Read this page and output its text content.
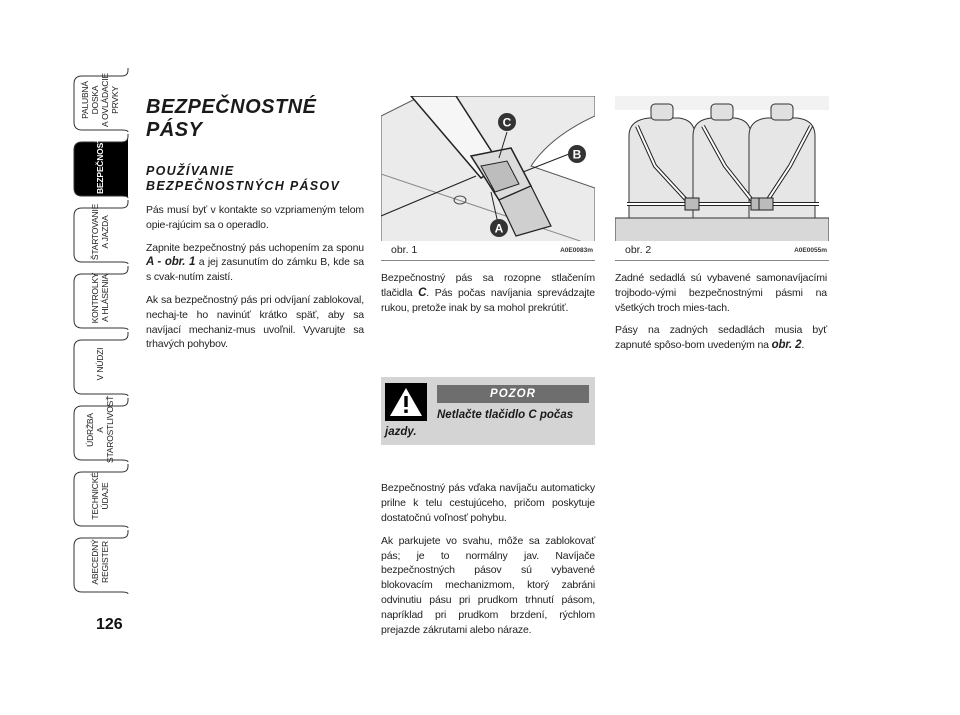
PALUBNÁ DOSKA A OVLÁDACIE PRVKY
BEZPEČNOSŤ
ŠTARTOVANIE A JAZDA
KONTROLKY A HLÁSENIA
V NÚDZI
ÚDRŽBA A STAROSTLIVOSŤ
TECHNICKÉ ÚDAJE
ABECEDNÝ REGISTER
126
BEZPEČNOSTNÉ PÁSY
POUŽÍVANIE
BEZPEČNOSTNÝCH PÁSOV

Pás musí byť v kontakte so vzpriameným telom opie-rajúcim sa o operadlo.

Zapnite bezpečnostný pás uchopením za sponu A - obr. 1 a jej zasunutím do zámku B, kde sa s cvak-nutím zaistí.

Ak sa bezpečnostný pás pri odvíjaní zablokoval, nechaj-te ho navinúť krátko späť, aby sa navíjací mechaniz-mus uvoľnil. Vyvarujte sa trhavých pohybov.

C
B
A
obr. 1	A0E0083m

Bezpečnostný pás sa rozopne stlačením tlačidla C. Pás počas navíjania sprevádzajte rukou, pretože inak by sa mohol prekrútiť.

POZOR
Netlačte tlačidlo C počas jazdy.

Bezpečnostný pás vďaka navíjaču automaticky prilne k telu cestujúceho, pričom poskytuje dostatočnú voľnosť pohybu.

Ak parkujete vo svahu, môže sa zablokovať pás; je to normálny jav. Navíjače bezpečnostných pásov sú vybavené blokovacím mechanizmom, ktorý zabráni odvinutiu pásu pri prudkom trhnutí pásom, napríklad pri prudkom brzdení, rýchlom prejazde zákrutami alebo náraze.

obr. 2	A0E0055m

Zadné sedadlá sú vybavené samonavíjacími trojbodo-vými bezpečnostnými pásmi na všetkých troch mies-tach.

Pásy na zadných sedadlách musia byť zapnuté spôso-bom uvedeným na obr. 2.
